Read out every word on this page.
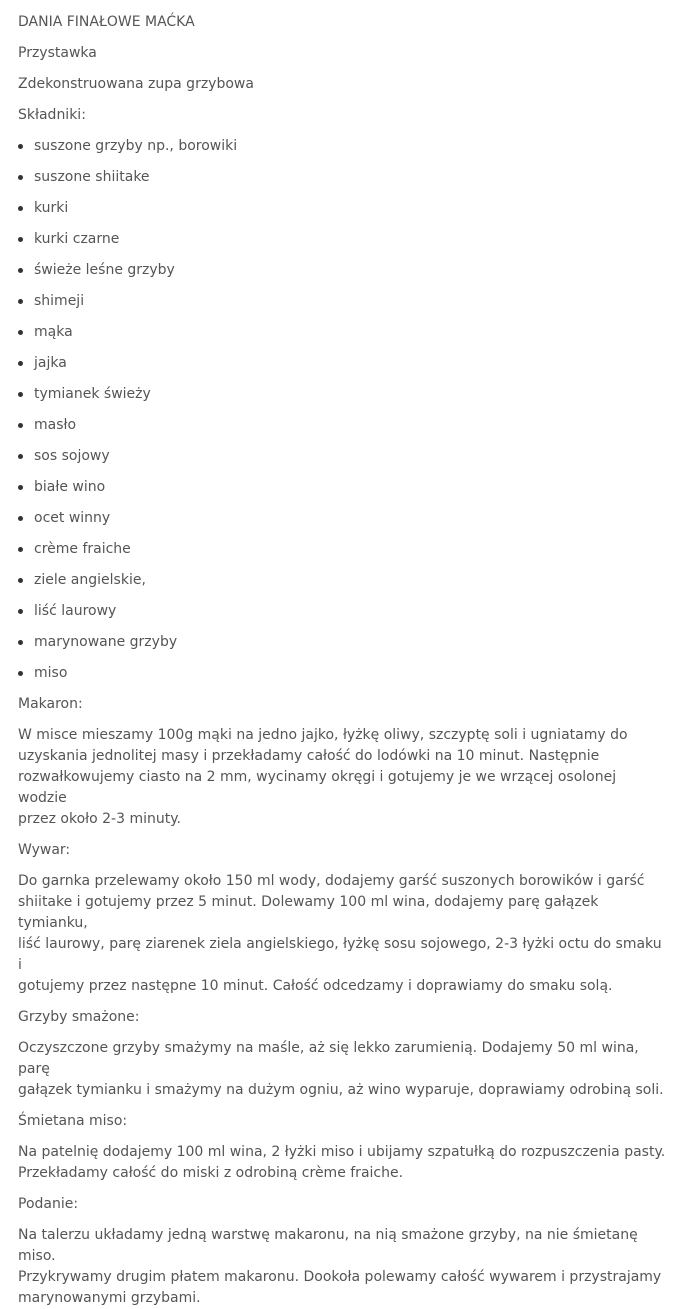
DANIA FINAŁOWE MAĆKA
Przystawka
Zdekonstruowana zupa grzybowa
Składniki:
suszone grzyby np., borowiki
suszone shiitake
kurki
kurki czarne
świeże leśne grzyby
shimeji
mąka
jajka
tymianek świeży
masło
sos sojowy
białe wino
ocet winny
crème fraiche
ziele angielskie,
liść laurowy
marynowane grzyby
miso
Makaron:
W misce mieszamy 100g mąki na jedno jajko, łyżkę oliwy, szczyptę soli i ugniatamy do
uzyskania jednolitej masy i przekładamy całość do lodówki na 10 minut. Następnie
rozwałkowujemy ciasto na 2 mm, wycinamy okręgi i gotujemy je we wrzącej osolonej wodzie
przez około 2-3 minuty.
Wywar:
Do garnka przelewamy około 150 ml wody, dodajemy garść suszonych borowików i garść
shiitake i gotujemy przez 5 minut. Dolewamy 100 ml wina, dodajemy parę gałązek tymianku,
liść laurowy, parę ziarenek ziela angielskiego, łyżkę sosu sojowego, 2-3 łyżki octu do smaku i
gotujemy przez następne 10 minut. Całość odcedzamy i doprawiamy do smaku solą.
Grzyby smażone:
Oczyszczone grzyby smażymy na maśle, aż się lekko zarumienią. Dodajemy 50 ml wina, parę
gałązek tymianku i smażymy na dużym ogniu, aż wino wyparuje, doprawiamy odrobiną soli.
Śmietana miso:
Na patelnię dodajemy 100 ml wina, 2 łyżki miso i ubijamy szpatułką do rozpuszczenia pasty.
Przekładamy całość do miski z odrobiną crème fraiche.
Podanie:
Na talerzu układamy jedną warstwę makaronu, na nią smażone grzyby, na nie śmietanę miso.
Przykrywamy drugim płatem makaronu. Dookoła polewamy całość wywarem i przystrajamy
marynowanymi grzybami.
